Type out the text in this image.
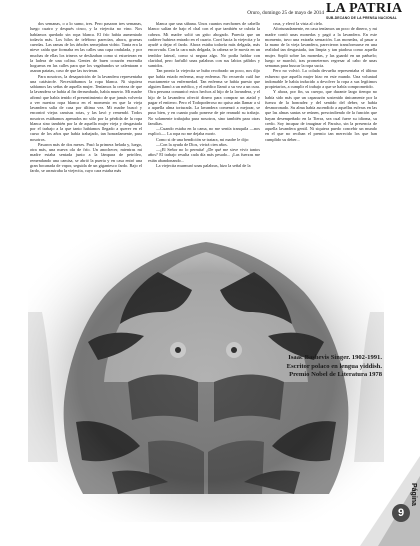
Oruro, domingo 25 de mayo de 2014 LA PATRIA
SUB-DECANO DE LA PRENSA NACIONAL

dos semanas, o a lo sumo, tres. Pero pasaron tres semanas, luego cuatro y después cinco, y la viejecita no vino. Nos habíamos quedado sin ropa blanca. El frío había aumentado todavía más. Los hilos de teléfono parecían, ahora, gruesas cuerdas. Las ramas de los árboles semejaban vidrio. Tanta era la nieve caída que formaba en las calles una capa ondulada, y por muchas de ellas los trineos se deslizaban como si estuvieran en la ladera de una colina. Gentes de buen corazón encendía hogueras en las calles para que los vagabundos se calentaran o asaran patatas, caso de que las tuvieran.

Para nosotros, la desaparición de la lavandera representaba una catástrofe. Necesitábamos la ropa blanca. Ni siquiera sabíamos las señas de aquella mujer. Teníamos la certeza de que la lavandera se había al fin derrumbado, había muerto. Mi madre afirmó que había tenido el presentimiento de que jamás volvería a ver nuestra ropa blanca en el momento en que la vieja lavandera salía de casa por última vez. Mi madre buscó y encontró viejas camisas rotas, y las lavó y remendó. Todos nosotros estábamos apenados no sólo por la pérdida de la ropa blanca sino también por la de aquella mujer vieja y desgastada por el trabajo a la que tanto habíamos llegado a querer en el curso de los años que había trabajado, tan honradamente, para nosotros.

Pasaron más de dos meses. Pasó la primera helada y, luego, otra más, una nueva ola de frío. Un anochecer, mientras mi madre estaba sentada junto a la lámpara de petróleo, remendando una camisa, se abrió la puerta y en casa entró una gran bocanada de vapor, seguida de un gigantesco fardo. Bajo el fardo, se arrastraba la viejecita, cuyo cara estaba más

blanca que una sábana. Unos cuantos mechones de cabello blanco salían de bajo el chal con el que también se cubría la cabeza. Mi madre soltó un grito ahogado. Parecía que un cadáver hubiera entrado en el cuarto. Corrí hacia la viejecita y la ayudé a dejar el fardo. Ahora estaba todavía más delgada, más encorvada. Con la cara más delgada, la cabeza se le movía en un temblor lateral, como si negara algo. No podía hablar con claridad, pero farfulló unas palabras con sus labios pálidos y sumidos.

Tan pronto la viejecita se hubo recobrado un poco, nos dijo que había estado enferma, muy enferma. No recuerdo cuál fue exactamente su enfermedad. Tan enferma se había puesto que alguien llamó a un médico, y el médico llamó a su vez a un cura. Otra persona comunicó estos hechos al hijo de la lavandera, y el hijo de la lavandera ofreció dinero para comprar un ataúd y pagar el entierro. Pero el Todopoderoso no quiso aún llamar a sí a aquella alma torturada. La lavandera comenzó a mejorar, se puso bien, y en cuanto pudo ponerse de pie reanudó su trabajo. No solamente trabajaba para nosotros, sino también para otras familias.

—Cuando estaba en la cama, no me sentía tranquila —nos explicó—. La ropa no me dejaba morir.

Como si de una bendición se tratara, mi madre le dijo:

—Con la ayuda de Dios, vivirá cien años.

—¡El Señor no lo permita! ¿De qué me sirve vivir tantos años? El trabajo resulta cada día más pesado... ¡Las fuerzas me están abandonando...

La viejecita murmuró unas palabras, hizo la señal de la

cruz, y elevó la vista al cielo.

Afortunadamente, en casa teníamos un poco de dinero, y mi madre contó unas monedas y pagó a la lavandera. En este momento, tuvo una extraña sensación. Las monedas, al pasar a la mano de la vieja lavandera, parecieron transformarse en una realidad tan desgastada, tan limpia y tan piadosa como aquella mujer. Sopló sobre las monedas, y las guardó en un pañuelo; luego se marchó, tras prometernos regresar al cabo de unas semanas para buscar la ropa sucia.

Pero no volvió. La colada devuelta representaba el último esfuerzo que aquella mujer hizo en este mundo. Una voluntad indomable le había inducido a devolver la ropa a sus legítimos propietarios, a cumplir el trabajo a que se había comprometido.

Y ahora, por fin, su cuerpo, que durante largo tiempo no había sido más que un caparazón sostenido únicamente por la fuerza de la honradez y del sentido del deber, se había desmoronado. Su alma había ascendido a aquellas esferas en las que las almas santas se reúnen, prescindiendo de la función que hayan desempeñado en la Tierra, sea cual fuere su idioma, su credo. Soy incapaz de imaginar el Paraíso, sin la presencia de aquella lavandera gentil. Ni siquiera puedo concebir un mundo en el que no reciban el premio tan merecido los que han cumplido su deber...

Isaac Bashevis Singer. 1902-1991.
Escritor polaco en lengua yiddish.
Premio Nobel de Literatura 1978
Página
9
